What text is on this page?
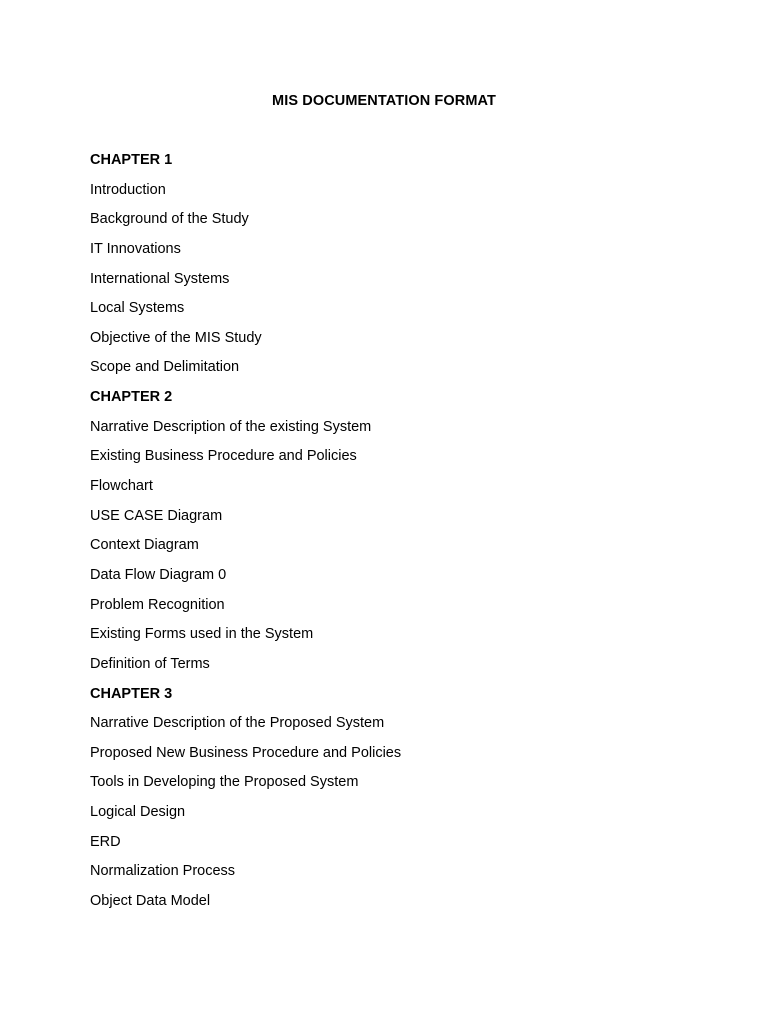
MIS DOCUMENTATION FORMAT
CHAPTER 1
Introduction
Background of the Study
IT Innovations
International Systems
Local Systems
Objective of the MIS Study
Scope and Delimitation
CHAPTER 2
Narrative Description of the existing System
Existing Business Procedure and Policies
Flowchart
USE CASE Diagram
Context Diagram
Data Flow Diagram 0
Problem Recognition
Existing Forms used in the System
Definition of Terms
CHAPTER 3
Narrative Description of the Proposed System
Proposed New Business Procedure and Policies
Tools in Developing the Proposed System
Logical Design
ERD
Normalization Process
Object Data Model
